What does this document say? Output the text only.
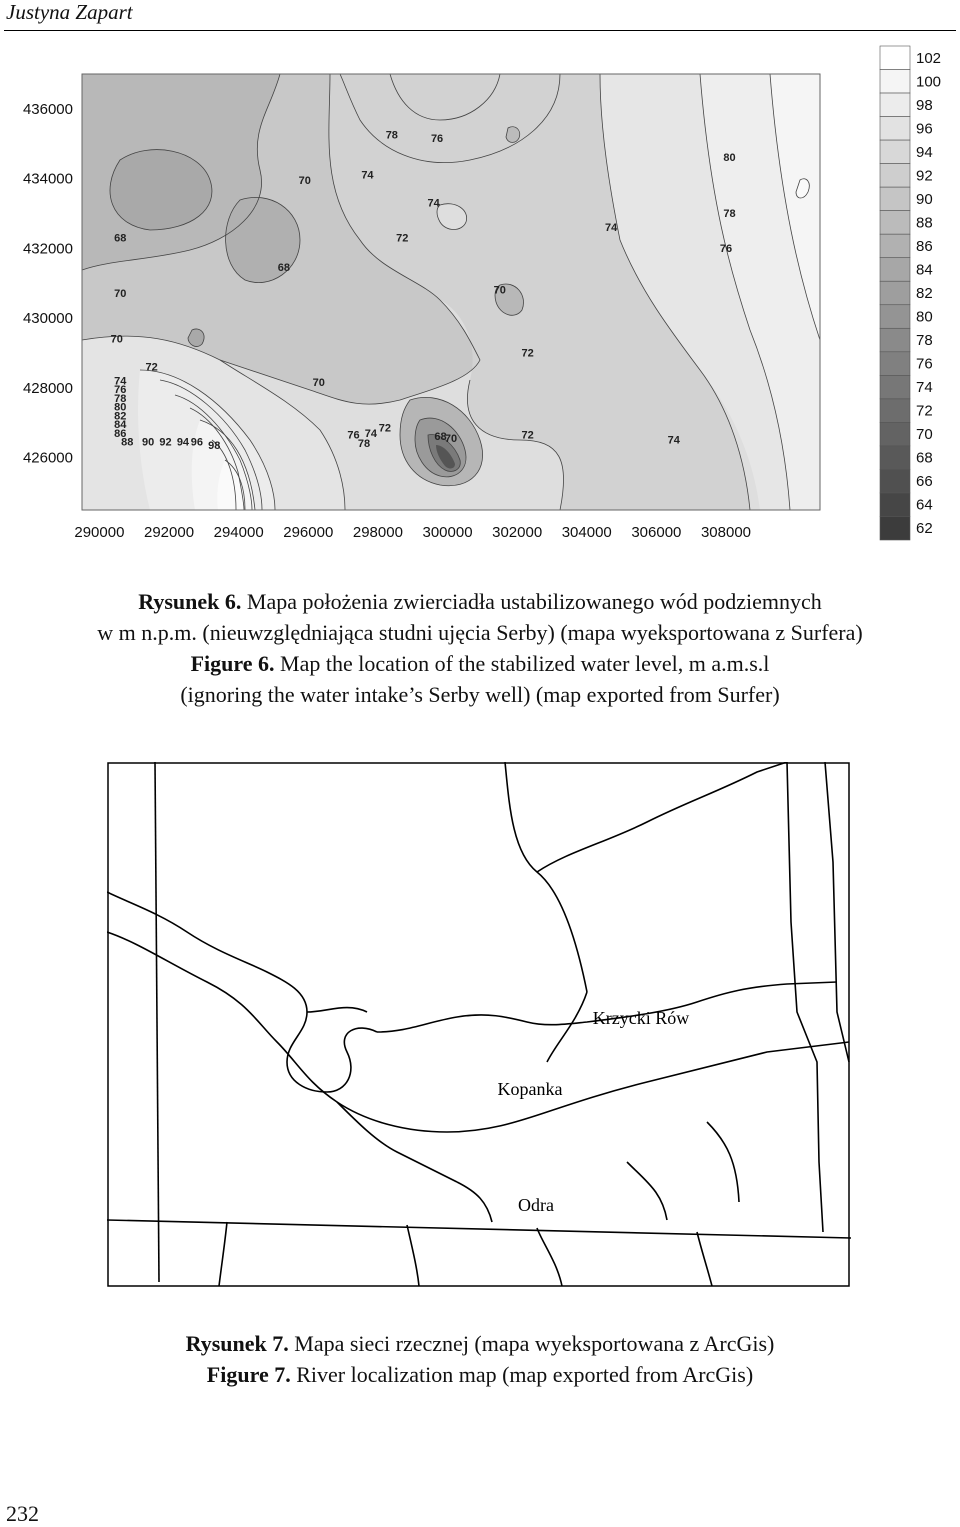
Justyna Zapart
436000
434000
432000
430000
428000
426000
290000 292000 294000 296000 298000 300000 302000 304000 306000 308000
78	76
74
74
70
80
78
76
74
72
68
68
70	70
70
72
72
70
74
76
78
80
82
84
86
88 90 92 94 96 98
76 74 72
78	70
68	72	74
102
100
98
96
94
92
90
88
86
84
82
80
78
76
74
72
70
68
66
64
62
Rysunek 6. Mapa położenia zwierciadła ustabilizowanego wód podziemnych
w m n.p.m. (nieuwzględniająca studni ujęcia Serby) (mapa wyeksportowana z Surfera)
Figure 6. Map the location of the stabilized water level, m a.m.s.l
(ignoring the water intake’s Serby well) (map exported from Surfer)
Krzycki Rów
Kopanka
Odra
Rysunek 7. Mapa sieci rzecznej (mapa wyeksportowana z ArcGis)
Figure 7. River localization map (map exported from ArcGis)
232
